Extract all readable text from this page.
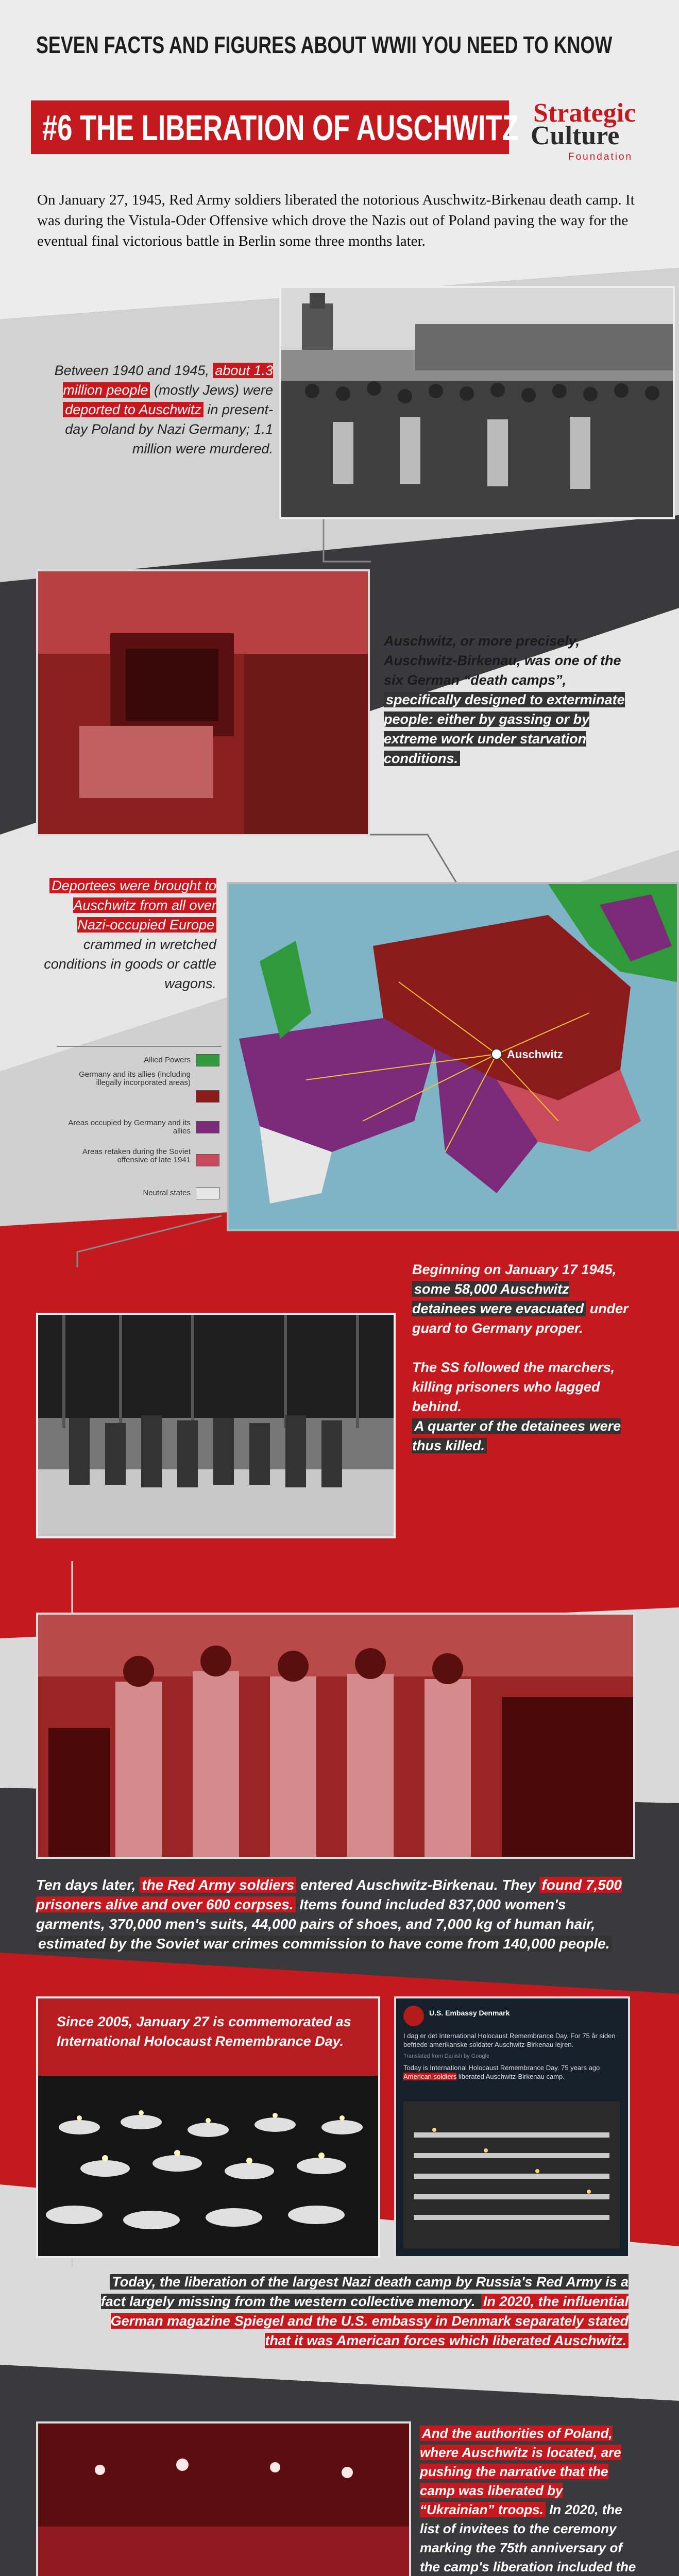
SEVEN FACTS AND FIGURES ABOUT WWII YOU NEED TO KNOW
#6 THE LIBERATION OF AUSCHWITZ Strategic
Culture
Foundation
On January 27, 1945, Red Army soldiers liberated the notorious Auschwitz-Birkenau death camp. It was during the Vistula-Oder Offensive which drove the Nazis out of Poland paving the way for the eventual final victorious battle in Berlin some three months later.
Between 1940 and 1945, about 1.3 million people (mostly Jews) were deported to Auschwitz in present-day Poland by Nazi Germany; 1.1 million were murdered.
Auschwitz, or more precisely, Auschwitz-Birkenau, was one of the six German “death camps”, specifically designed to exterminate people: either by gassing or by extreme work under starvation conditions.
Deportees were brought to Auschwitz from all over Nazi-occupied Europe crammed in wretched conditions in goods or cattle wagons.
Auschwitz
Allied Powers
Germany and its allies (including illegally incorporated areas)
Areas occupied by Germany and its allies
Areas retaken during the Soviet offensive of late 1941
Neutral states
Beginning on January 17 1945, some 58,000 Auschwitz detainees were evacuated under guard to Germany proper.
The SS followed the marchers, killing prisoners who lagged behind.
A quarter of the detainees were thus killed.
Ten days later, the Red Army soldiers entered Auschwitz-Birkenau. They found 7,500 prisoners alive and over 600 corpses. Items found included 837,000 women's garments, 370,000 men's suits, 44,000 pairs of shoes, and 7,000 kg of human hair, estimated by the Soviet war crimes commission to have come from 140,000 people.
Since 2005, January 27 is commemorated as International Holocaust Remembrance Day.
U.S. Embassy Denmark
I dag er det International Holocaust Remembrance Day. For 75 år siden befriede amerikanske soldater Auschwitz-Birkenau lejren.
Translated from Danish by Google
Today is International Holocaust Remembrance Day. 75 years ago American soldiers liberated Auschwitz-Birkenau camp.
Today, the liberation of the largest Nazi death camp by Russia's Red Army is a fact largely missing from the western collective memory. In 2020, the influential German magazine Spiegel and the U.S. embassy in Denmark separately stated that it was American forces which liberated Auschwitz.
And the authorities of Poland, where Auschwitz is located, are pushing the narrative that the camp was liberated by “Ukrainian” troops. In 2020, the list of invitees to the ceremony marking the 75th anniversary of the camp's liberation included the
